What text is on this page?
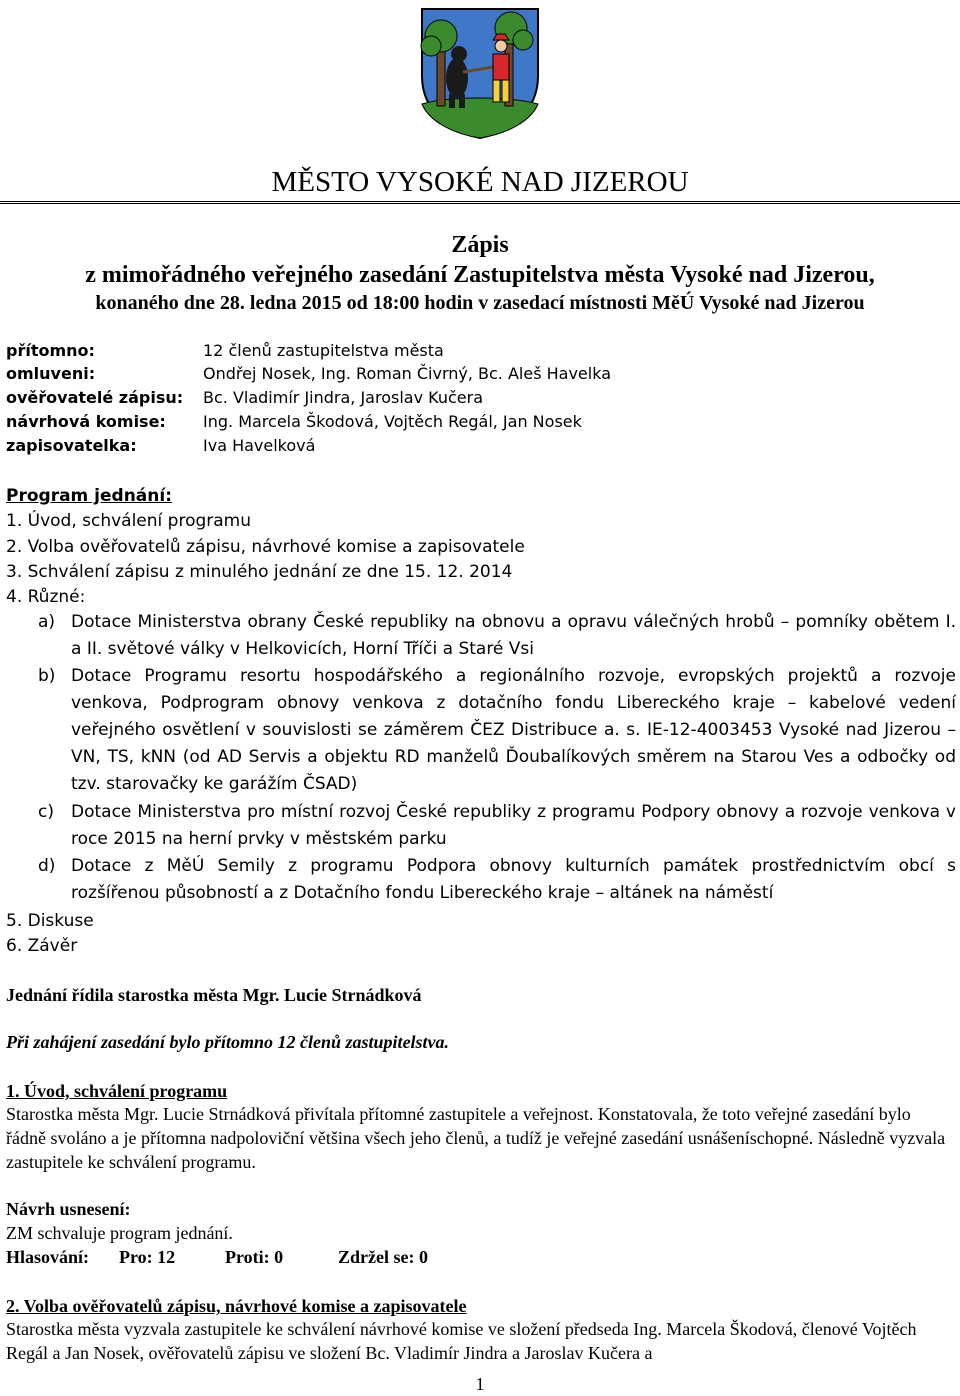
MĚSTO VYSOKÉ NAD JIZEROU
Zápis
z mimořádného veřejného zasedání Zastupitelstva města Vysoké nad Jizerou,
konaného dne 28. ledna 2015 od 18:00 hodin v zasedací místnosti MěÚ Vysoké nad Jizerou
přítomno:	12 členů zastupitelstva města
omluveni:	Ondřej Nosek, Ing. Roman Čivrný, Bc. Aleš Havelka
ověřovatelé zápisu: Bc. Vladimír Jindra, Jaroslav Kučera
návrhová komise: Ing. Marcela Škodová, Vojtěch Regál, Jan Nosek
zapisovatelka:	Iva Havelková
Program jednání:
1. Úvod, schválení programu
2. Volba ověřovatelů zápisu, návrhové komise a zapisovatele
3. Schválení zápisu z minulého jednání ze dne 15. 12. 2014
4. Různé:
a) Dotace Ministerstva obrany České republiky na obnovu a opravu válečných hrobů – pomníky obětem I. a II. světové války v Helkovicích, Horní Tříči a Staré Vsi
b) Dotace Programu resortu hospodářského a regionálního rozvoje, evropských projektů a rozvoje venkova, Podprogram obnovy venkova z dotačního fondu Libereckého kraje – kabelové vedení veřejného osvětlení v souvislosti se záměrem ČEZ Distribuce a. s. IE-12-4003453 Vysoké nad Jizerou – VN, TS, kNN (od AD Servis a objektu RD manželů Ďoubalíkových směrem na Starou Ves a odbočky od tzv. starovačky ke garážím ČSAD)
c) Dotace Ministerstva pro místní rozvoj České republiky z programu Podpory obnovy a rozvoje venkova v roce 2015 na herní prvky v městském parku
d) Dotace z MěÚ Semily z programu Podpora obnovy kulturních památek prostřednictvím obcí s rozšířenou působností a z Dotačního fondu Libereckého kraje – altánek na náměstí
5. Diskuse
6. Závěr
Jednání řídila starostka města Mgr. Lucie Strnádková
Při zahájení zasedání bylo přítomno 12 členů zastupitelstva.
1. Úvod, schválení programu
Starostka města Mgr. Lucie Strnádková přivítala přítomné zastupitele a veřejnost. Konstatovala, že toto veřejné zasedání bylo řádně svoláno a je přítomna nadpoloviční většina všech jeho členů, a tudíž je veřejné zasedání usnášeníschopné. Následně vyzvala zastupitele ke schválení programu.
Návrh usnesení:
ZM schvaluje program jednání.
Hlasování: Pro: 12	Proti: 0	Zdržel se: 0
2. Volba ověřovatelů zápisu, návrhové komise a zapisovatele
Starostka města vyzvala zastupitele ke schválení návrhové komise ve složení předseda Ing. Marcela Škodová, členové Vojtěch Regál a Jan Nosek, ověřovatelů zápisu ve složení Bc. Vladimír Jindra a Jaroslav Kučera a
1
